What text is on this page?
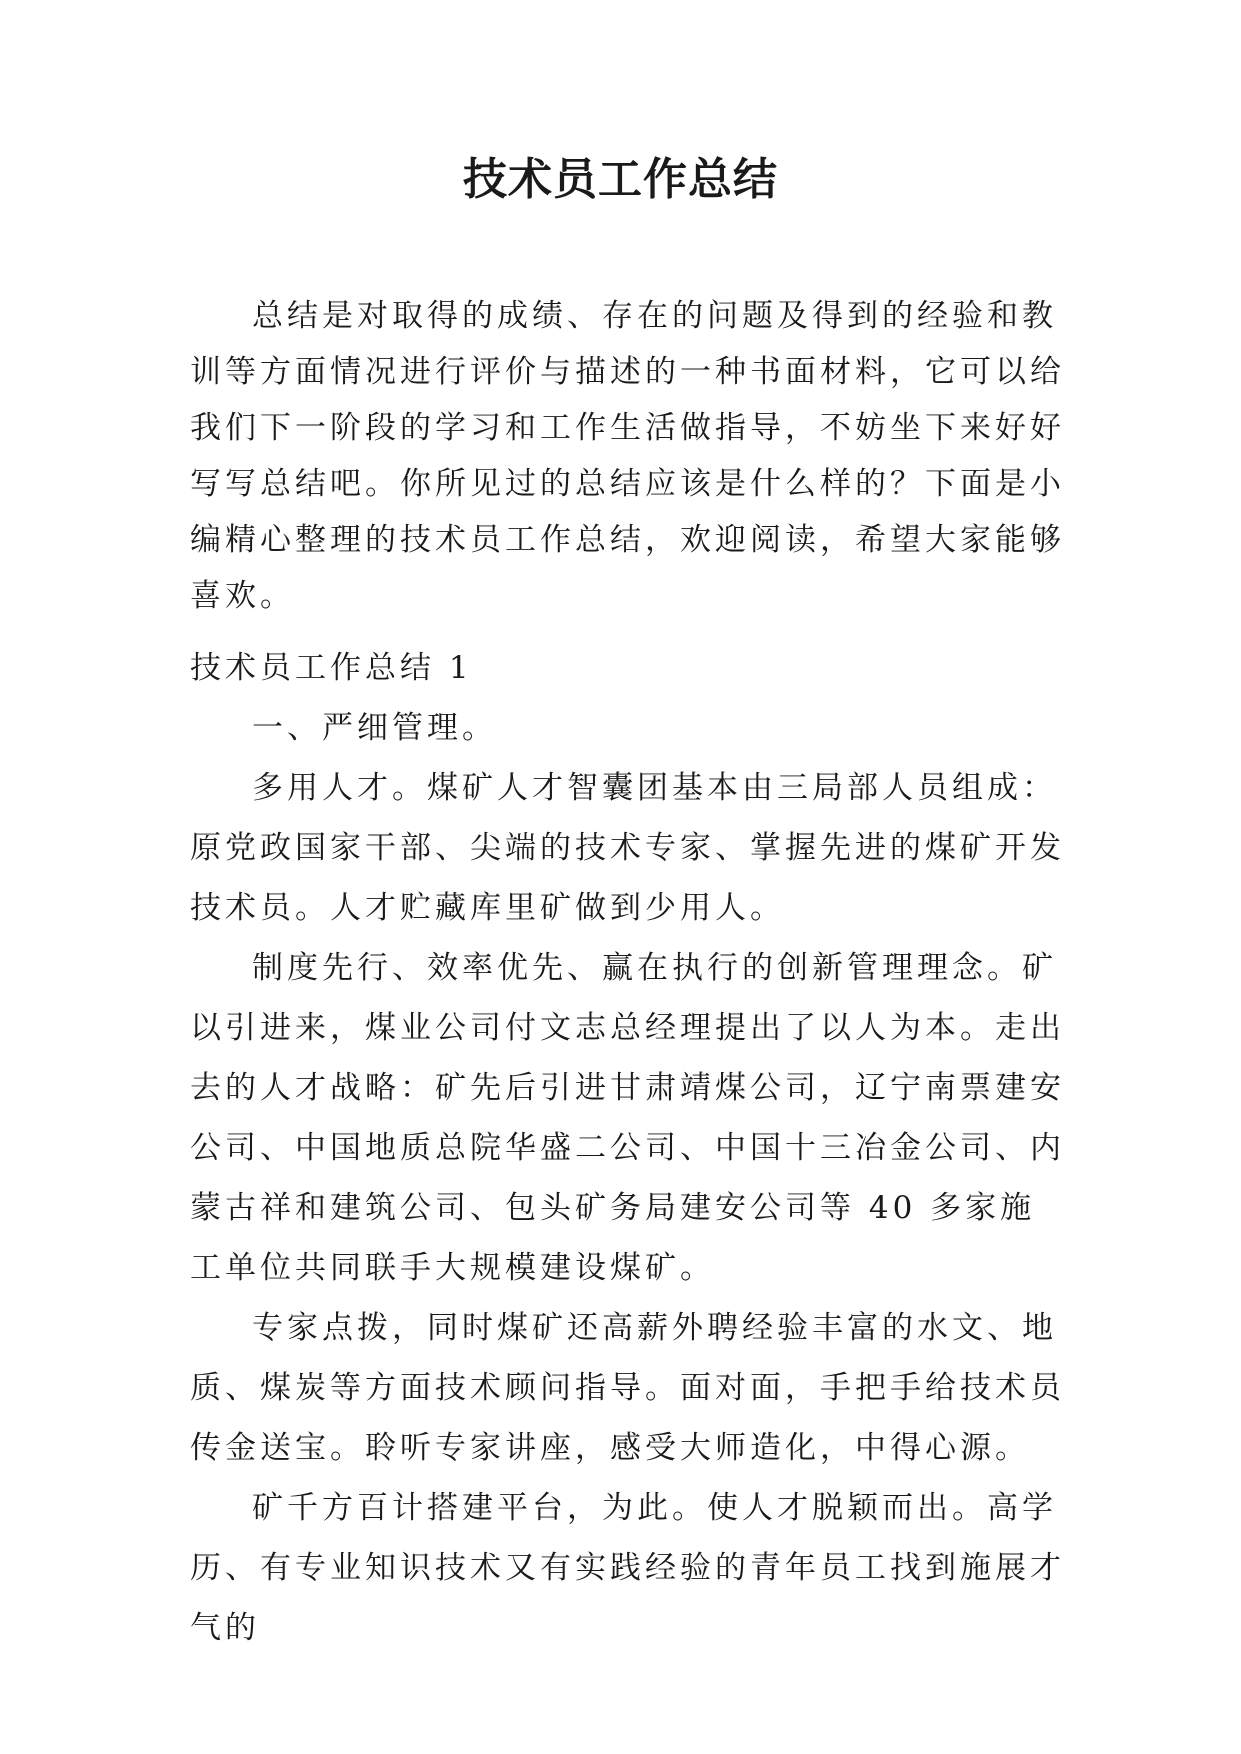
技术员工作总结

总结是对取得的成绩、存在的问题及得到的经验和教训等方面情况进行评价与描述的一种书面材料，它可以给我们下一阶段的学习和工作生活做指导，不妨坐下来好好写写总结吧。你所见过的总结应该是什么样的？下面是小编精心整理的技术员工作总结，欢迎阅读，希望大家能够喜欢。

技术员工作总结 1

一、严细管理。

多用人才。煤矿人才智囊团基本由三局部人员组成：原党政国家干部、尖端的技术专家、掌握先进的煤矿开发技术员。人才贮藏库里矿做到少用人。

制度先行、效率优先、赢在执行的创新管理理念。矿以引进来，煤业公司付文志总经理提出了以人为本。走出去的人才战略：矿先后引进甘肃靖煤公司，辽宁南票建安公司、中国地质总院华盛二公司、中国十三冶金公司、内蒙古祥和建筑公司、包头矿务局建安公司等 40 多家施工单位共同联手大规模建设煤矿。

专家点拨，同时煤矿还高薪外聘经验丰富的水文、地质、煤炭等方面技术顾问指导。面对面，手把手给技术员传金送宝。聆听专家讲座，感受大师造化，中得心源。

矿千方百计搭建平台，为此。使人才脱颖而出。高学历、有专业知识技术又有实践经验的青年员工找到施展才气的
